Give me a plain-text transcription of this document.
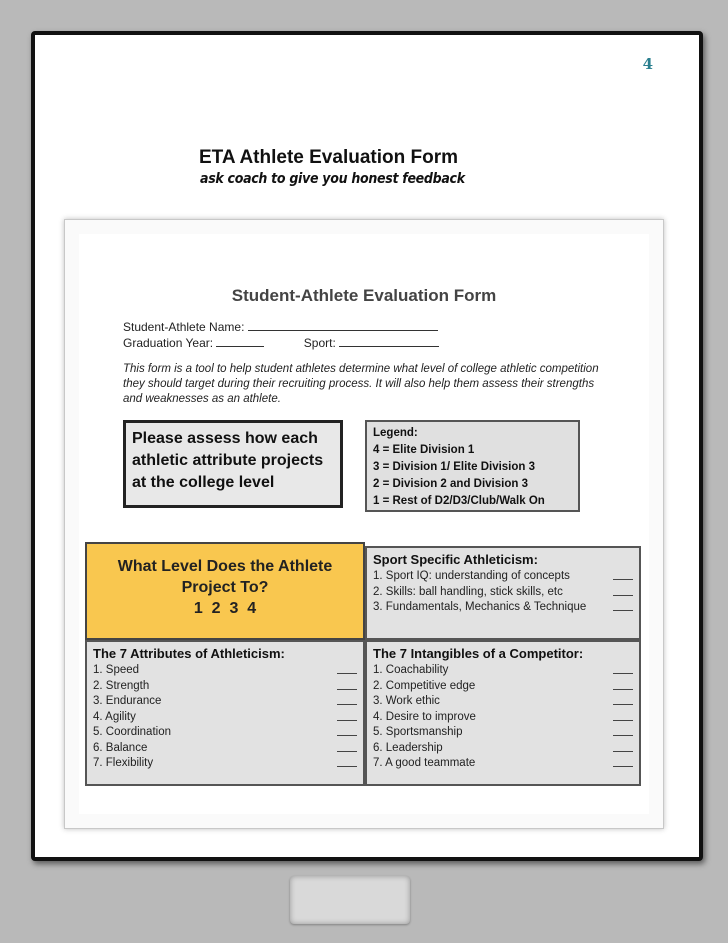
4
ETA Athlete Evaluation Form
ask coach to give you honest feedback
Student-Athlete Evaluation Form
Student-Athlete Name:
Graduation Year:	Sport:
This form is a tool to help student athletes determine what level of college athletic competition they should target during their recruiting process. It will also help them assess their strengths and weaknesses as an athlete.
Please assess how each athletic attribute projects at the college level
Legend:
4 = Elite Division 1
3 = Division 1/ Elite Division 3
2 = Division 2 and Division 3
1 = Rest of D2/D3/Club/Walk On
What Level Does the Athlete
Project To?
1  2  3  4
Sport Specific Athleticism:
1. Sport IQ: understanding of concepts
2. Skills: ball handling, stick skills, etc
3. Fundamentals, Mechanics & Technique
The 7 Attributes of Athleticism:
1. Speed
2. Strength
3. Endurance
4. Agility
5. Coordination
6. Balance
7. Flexibility
The 7 Intangibles of a Competitor:
1. Coachability
2. Competitive edge
3. Work ethic
4. Desire to improve
5. Sportsmanship
6. Leadership
7. A good teammate
